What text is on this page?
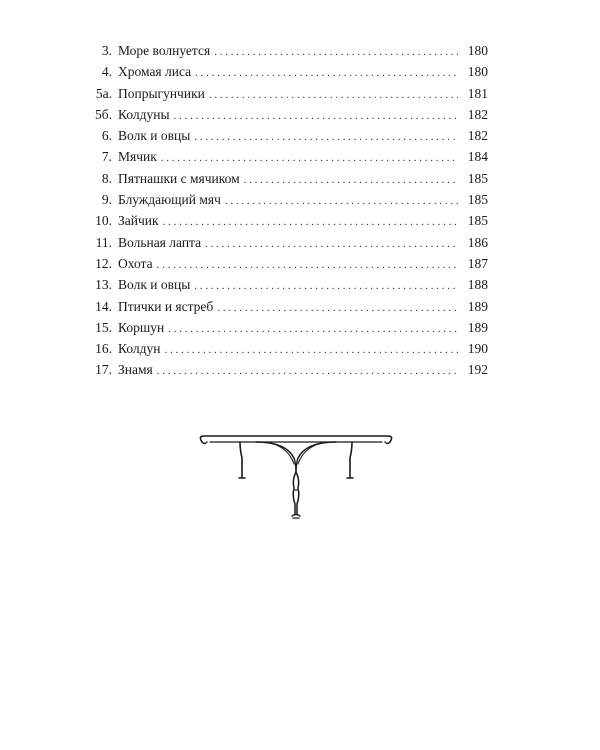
3. Море волнуется . . .	180
4. Хромая лиса . . .	180
5а. Попрыгунчики . . .	181
5б. Колдуны . . .	182
6. Волк и овцы . . .	182
7. Мячик . . .	184
8. Пятнашки с мячиком . . .	185
9. Блуждающий мяч . . .	185
10. Зайчик . . .	185
11. Вольная лапта . . .	186
12. Охота . . .	187
13. Волк и овцы . . .	188
14. Птички и ястреб . . .	189
15. Коршун . . .	189
16. Колдун . . .	190
17. Знамя . . .	192
